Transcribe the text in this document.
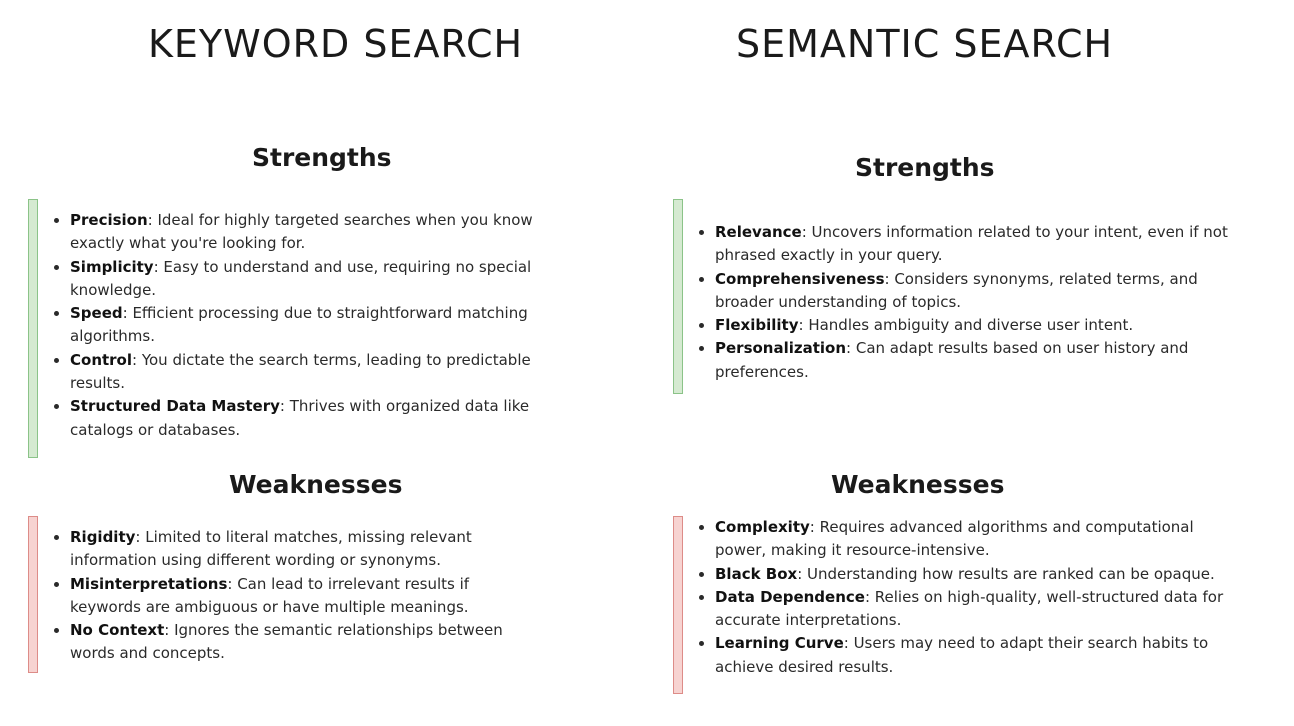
KEYWORD SEARCH
Strengths
• Precision: Ideal for highly targeted searches when you know exactly what you're looking for.
• Simplicity: Easy to understand and use, requiring no special knowledge.
• Speed: Efficient processing due to straightforward matching algorithms.
• Control: You dictate the search terms, leading to predictable results.
• Structured Data Mastery: Thrives with organized data like catalogs or databases.
Weaknesses
• Rigidity: Limited to literal matches, missing relevant information using different wording or synonyms.
• Misinterpretations: Can lead to irrelevant results if keywords are ambiguous or have multiple meanings.
• No Context: Ignores the semantic relationships between words and concepts.
SEMANTIC SEARCH
Strengths
• Relevance: Uncovers information related to your intent, even if not phrased exactly in your query.
• Comprehensiveness: Considers synonyms, related terms, and broader understanding of topics.
• Flexibility: Handles ambiguity and diverse user intent.
• Personalization: Can adapt results based on user history and preferences.
Weaknesses
• Complexity: Requires advanced algorithms and computational power, making it resource-intensive.
• Black Box: Understanding how results are ranked can be opaque.
• Data Dependence: Relies on high-quality, well-structured data for accurate interpretations.
• Learning Curve: Users may need to adapt their search habits to achieve desired results.
